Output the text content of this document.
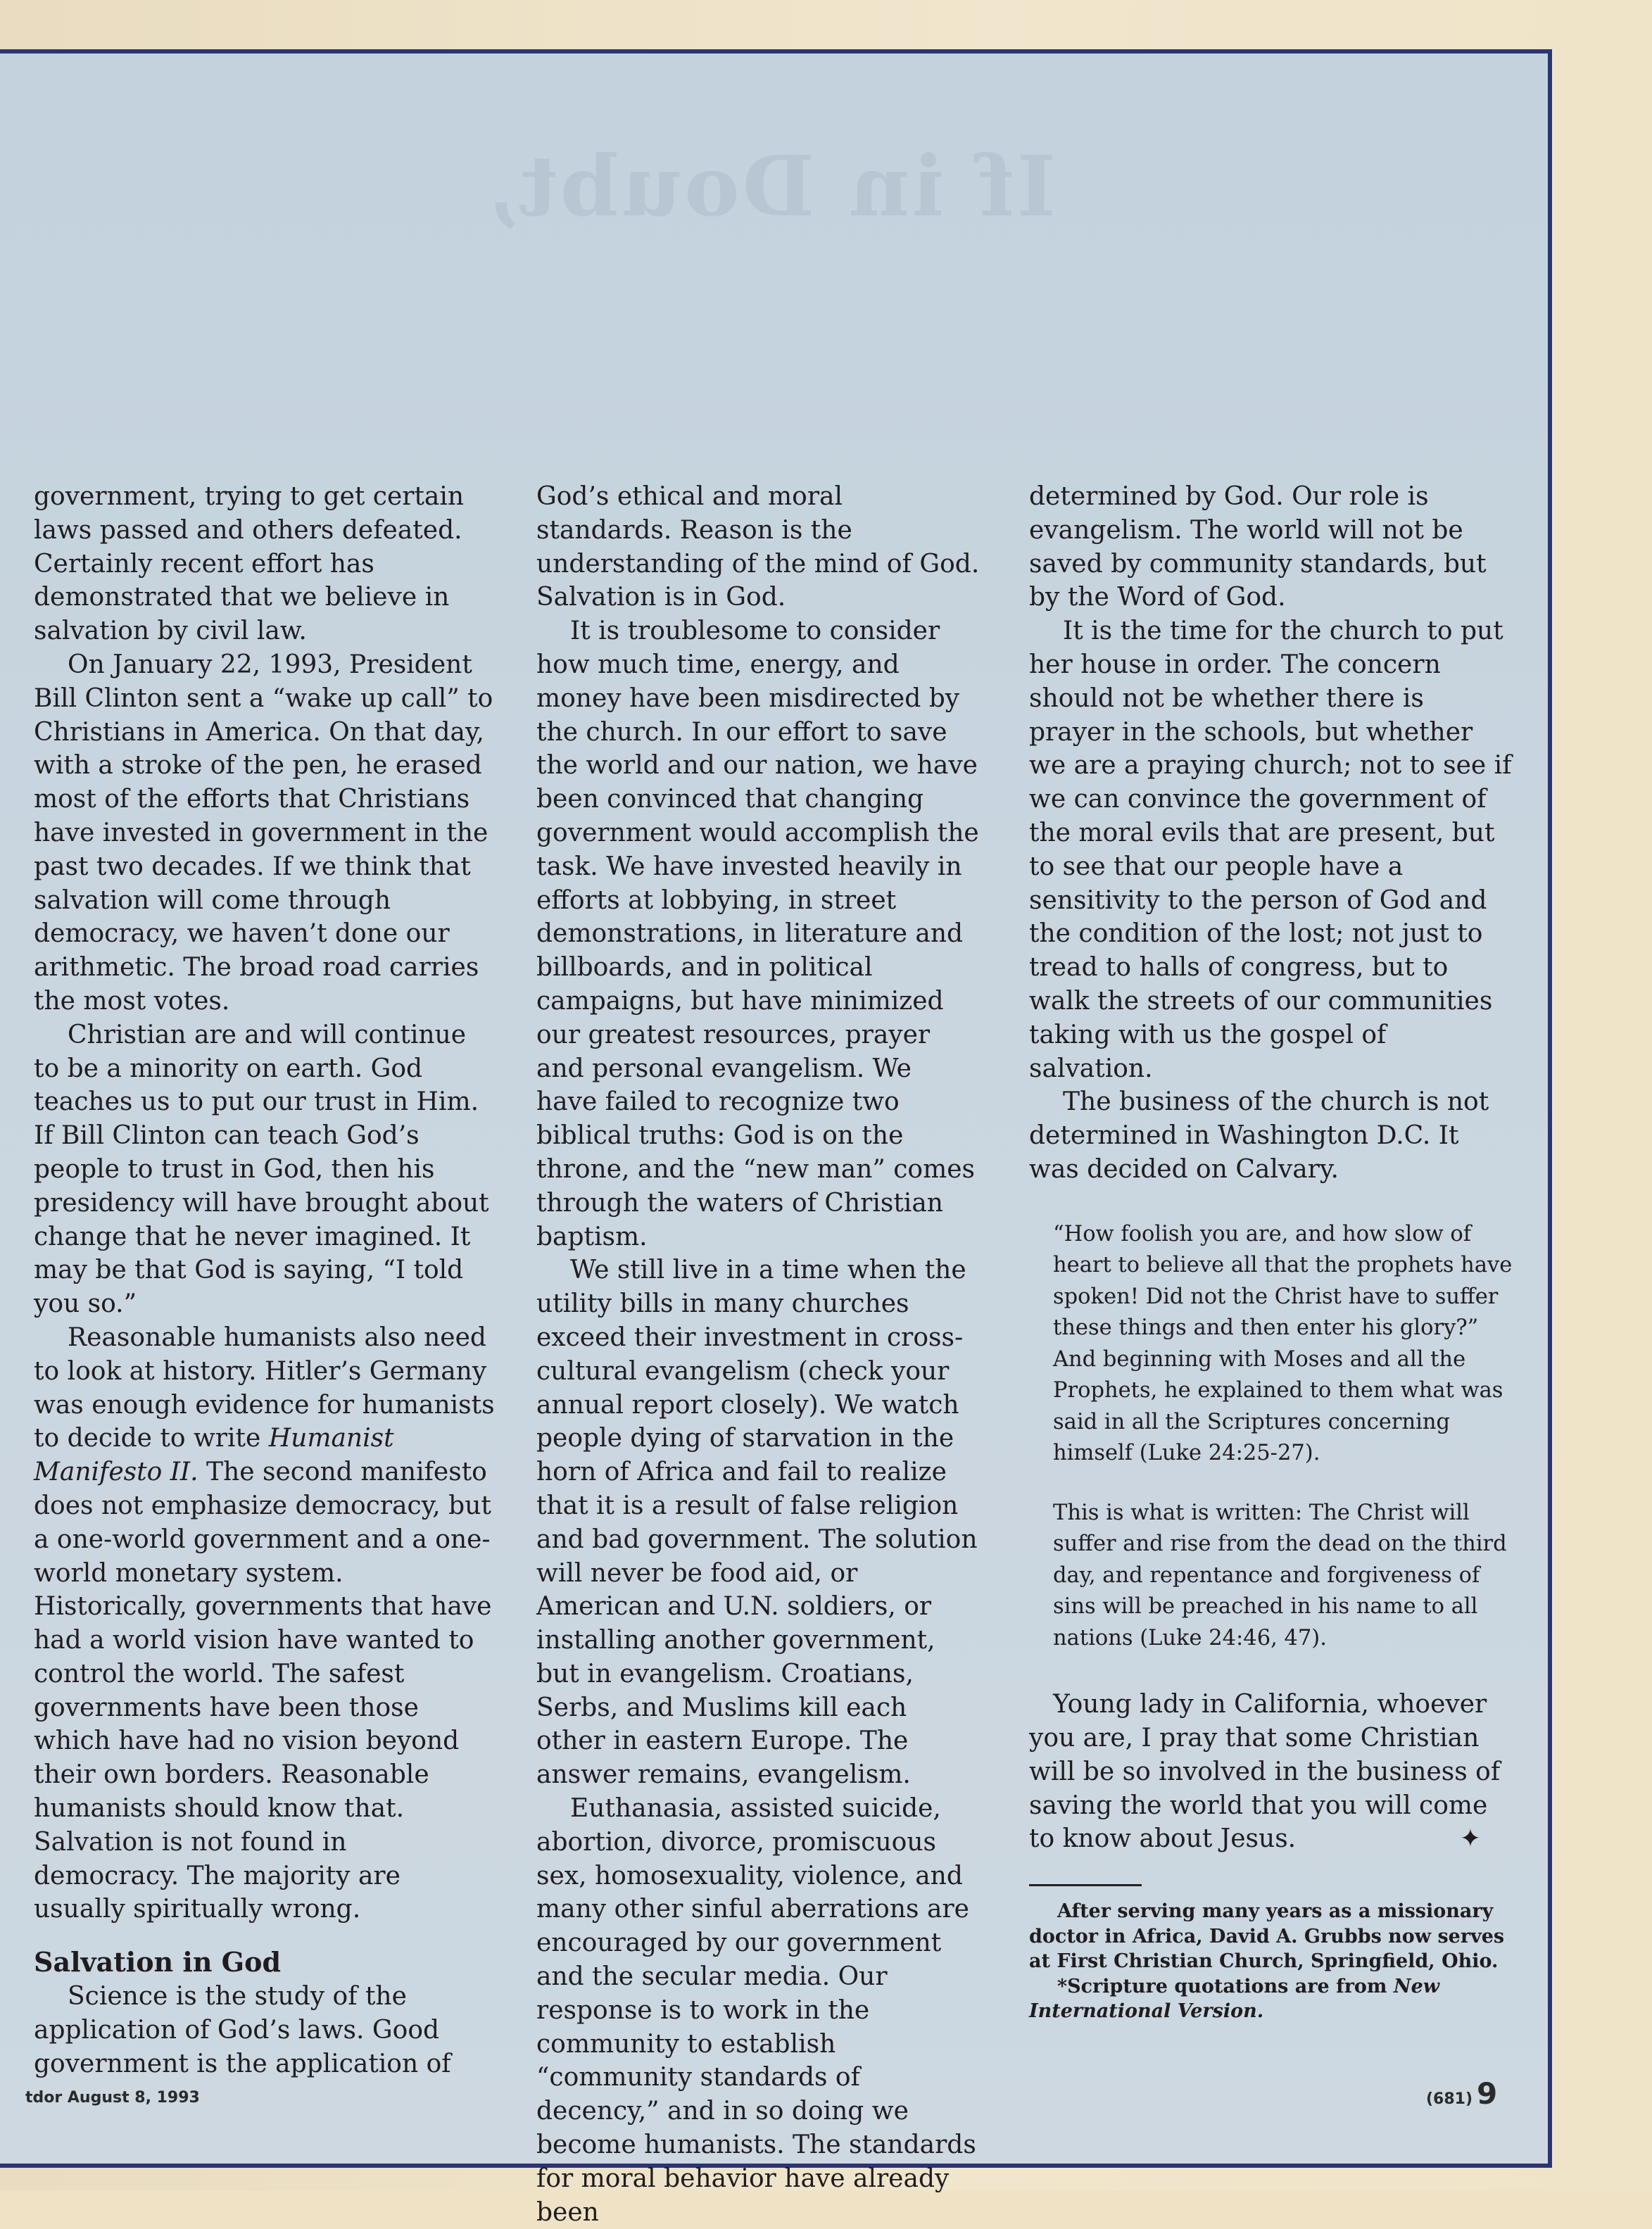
If in Doubt,

government, trying to get certain laws passed and others defeated. Certainly recent effort has demonstrated that we believe in salvation by civil law.

On January 22, 1993, President Bill Clinton sent a “wake up call” to Christians in America. On that day, with a stroke of the pen, he erased most of the efforts that Christians have invested in government in the past two decades. If we think that salvation will come through democracy, we haven’t done our arithmetic. The broad road carries the most votes.

Christian are and will continue to be a minority on earth. God teaches us to put our trust in Him. If Bill Clinton can teach God’s people to trust in God, then his presidency will have brought about change that he never imagined. It may be that God is saying, “I told you so.”

Reasonable humanists also need to look at history. Hitler’s Germany was enough evidence for humanists to decide to write Humanist Manifesto II. The second manifesto does not emphasize democracy, but a one-world government and a one-world monetary system. Historically, governments that have had a world vision have wanted to control the world. The safest governments have been those which have had no vision beyond their own borders. Reasonable humanists should know that. Salvation is not found in democracy. The majority are usually spiritually wrong.

Salvation in God

Science is the study of the application of God’s laws. Good government is the application of

God’s ethical and moral standards. Reason is the understanding of the mind of God. Salvation is in God.

It is troublesome to consider how much time, energy, and money have been misdirected by the church. In our effort to save the world and our nation, we have been convinced that changing government would accomplish the task. We have invested heavily in efforts at lobbying, in street demonstrations, in literature and billboards, and in political campaigns, but have minimized our greatest resources, prayer and personal evangelism. We have failed to recognize two biblical truths: God is on the throne, and the “new man” comes through the waters of Christian baptism.

We still live in a time when the utility bills in many churches exceed their investment in cross-cultural evangelism (check your annual report closely). We watch people dying of starvation in the horn of Africa and fail to realize that it is a result of false religion and bad government. The solution will never be food aid, or American and U.N. soldiers, or installing another government, but in evangelism. Croatians, Serbs, and Muslims kill each other in eastern Europe. The answer remains, evangelism.

Euthanasia, assisted suicide, abortion, divorce, promiscuous sex, homosexuality, violence, and many other sinful aberrations are encouraged by our government and the secular media. Our response is to work in the community to establish “community standards of decency,” and in so doing we become humanists. The standards for moral behavior have already been

determined by God. Our role is evangelism. The world will not be saved by community standards, but by the Word of God.

It is the time for the church to put her house in order. The concern should not be whether there is prayer in the schools, but whether we are a praying church; not to see if we can convince the government of the moral evils that are present, but to see that our people have a sensitivity to the person of God and the condition of the lost; not just to tread to halls of congress, but to walk the streets of our communities taking with us the gospel of salvation.

The business of the church is not determined in Washington D.C. It was decided on Calvary.

“How foolish you are, and how slow of heart to believe all that the prophets have spoken! Did not the Christ have to suffer these things and then enter his glory?” And beginning with Moses and all the Prophets, he explained to them what was said in all the Scriptures concerning himself (Luke 24:25-27).

This is what is written: The Christ will suffer and rise from the dead on the third day, and repentance and forgiveness of sins will be preached in his name to all nations (Luke 24:46, 47).

Young lady in California, whoever you are, I pray that some Christian will be so involved in the business of saving the world that you will come to know about Jesus.	✦

After serving many years as a missionary doctor in Africa, David A. Grubbs now serves at First Christian Church, Springfield, Ohio.

*Scripture quotations are from New International Version.

tdor August 8, 1993	(681) 9
